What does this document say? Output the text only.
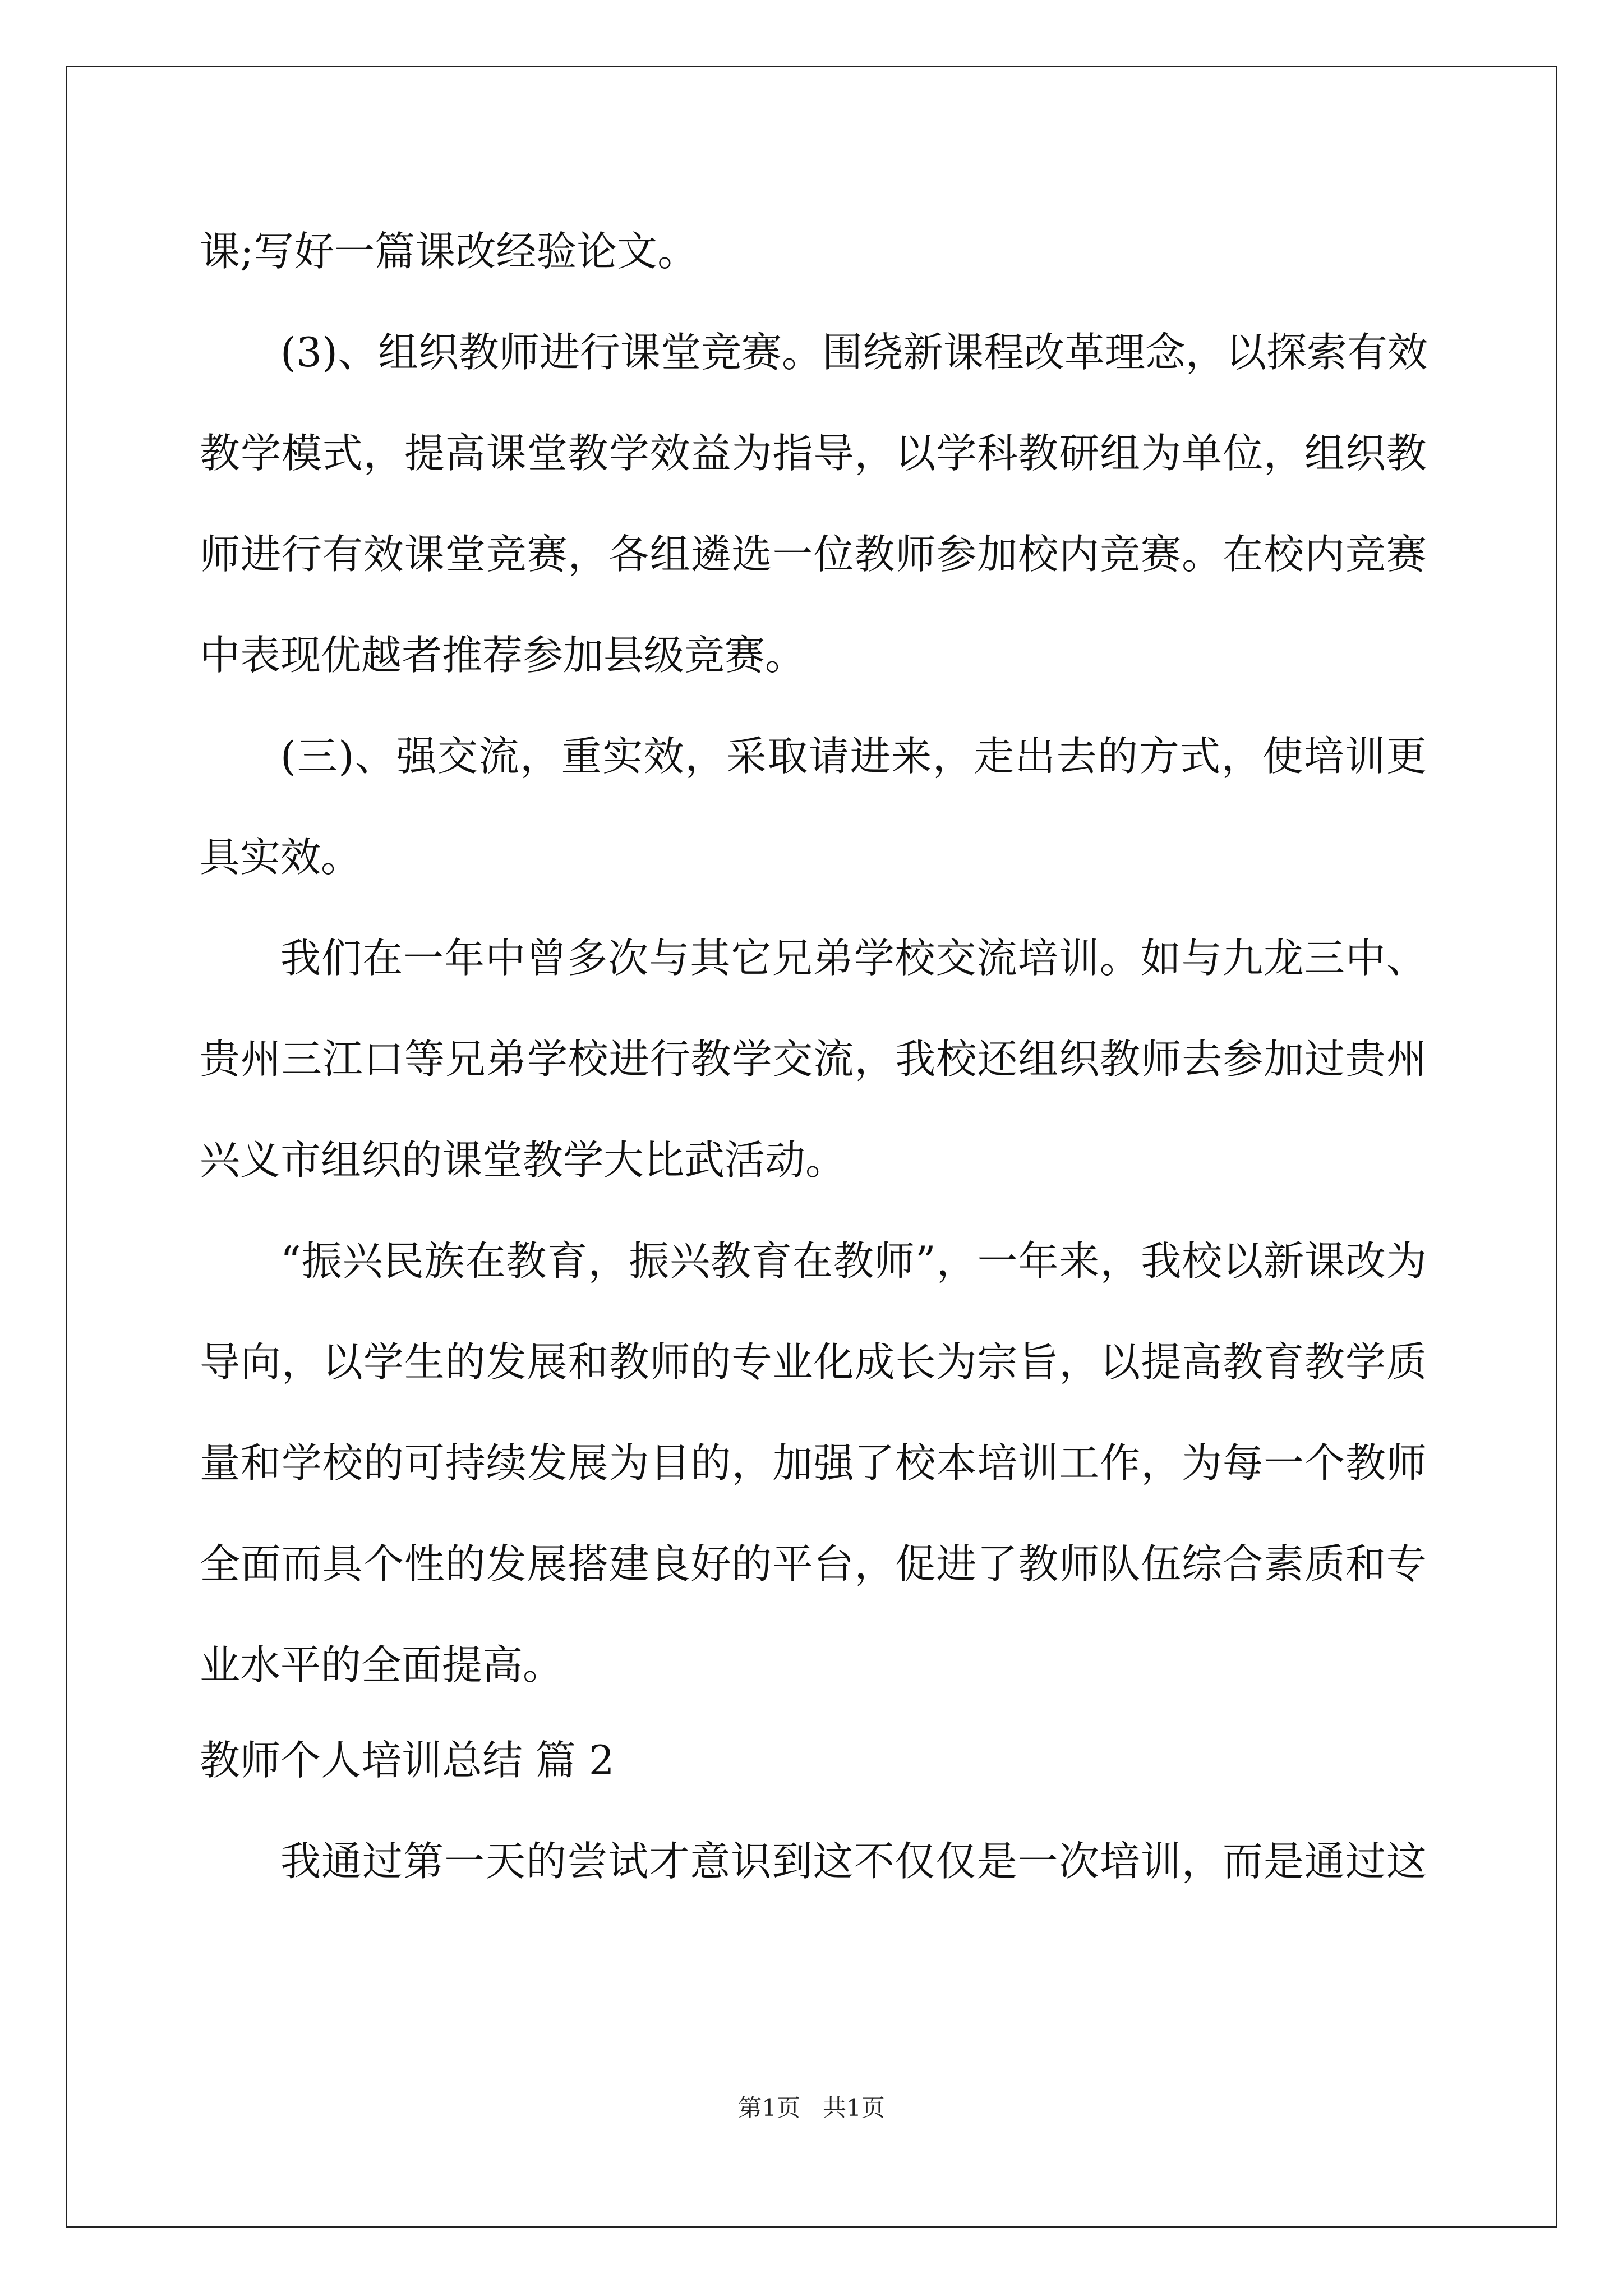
课;写好一篇课改经验论文。
(3)、组织教师进行课堂竞赛。围绕新课程改革理念，以探索有效
教学模式，提高课堂教学效益为指导，以学科教研组为单位，组织教
师进行有效课堂竞赛，各组遴选一位教师参加校内竞赛。在校内竞赛
中表现优越者推荐参加县级竞赛。
(三)、强交流，重实效，采取请进来，走出去的方式，使培训更
具实效。
我们在一年中曾多次与其它兄弟学校交流培训。如与九龙三中、
贵州三江口等兄弟学校进行教学交流，我校还组织教师去参加过贵州
兴义市组织的课堂教学大比武活动。
“振兴民族在教育，振兴教育在教师”，一年来，我校以新课改为
导向，以学生的发展和教师的专业化成长为宗旨，以提高教育教学质
量和学校的可持续发展为目的，加强了校本培训工作，为每一个教师
全面而具个性的发展搭建良好的平台，促进了教师队伍综合素质和专
业水平的全面提高。
教师个人培训总结 篇 2
我通过第一天的尝试才意识到这不仅仅是一次培训，而是通过这
第1页   共1页
